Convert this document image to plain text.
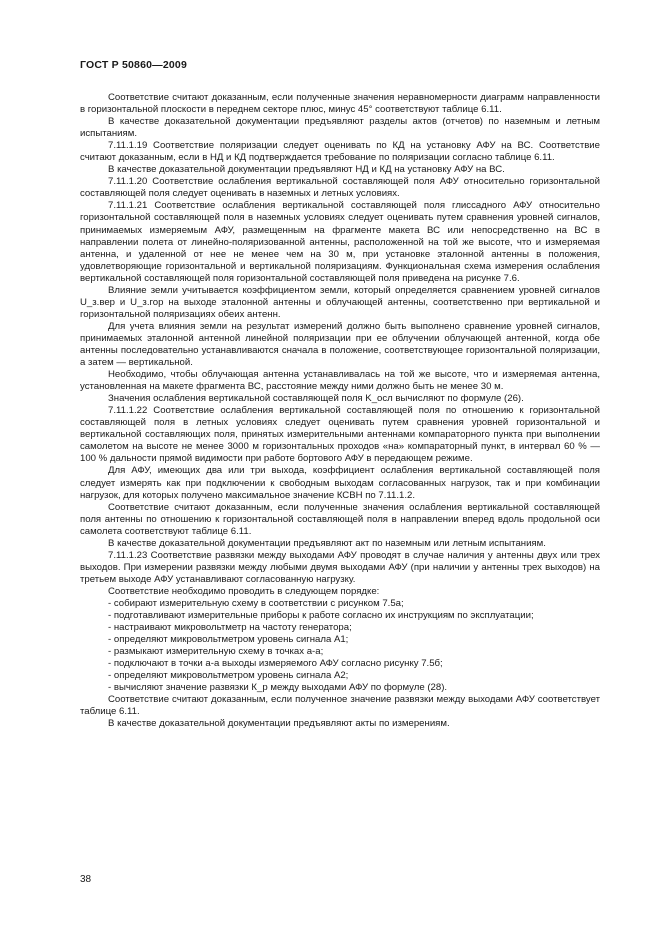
ГОСТ Р 50860—2009

Соответствие считают доказанным, если полученные значения неравномерности диаграмм направленности в горизонтальной плоскости в переднем секторе плюс, минус 45° соответствуют таблице 6.11.

В качестве доказательной документации предъявляют разделы актов (отчетов) по наземным и летным испытаниям.

7.11.1.19 Соответствие поляризации следует оценивать по КД на установку АФУ на ВС. Соответствие считают доказанным, если в НД и КД подтверждается требование по поляризации согласно таблице 6.11.

В качестве доказательной документации предъявляют НД и КД на установку АФУ на ВС.

7.11.1.20 Соответствие ослабления вертикальной составляющей поля АФУ относительно горизонтальной составляющей поля следует оценивать в наземных и летных условиях.

7.11.1.21 Соответствие ослабления вертикальной составляющей поля глиссадного АФУ относительно горизонтальной составляющей поля в наземных условиях следует оценивать путем сравнения уровней сигналов, принимаемых измеряемым АФУ, размещенным на фрагменте макета ВС или непосредственно на ВС в направлении полета от линейно-поляризованной антенны, расположенной на той же высоте, что и измеряемая антенна, и удаленной от нее не менее чем на 30 м, при установке эталонной антенны в положения, удовлетворяющие горизонтальной и вертикальной поляризациям. Функциональная схема измерения ослабления вертикальной составляющей поля горизонтальной составляющей поля приведена на рисунке 7.6.

Влияние земли учитывается коэффициентом земли, который определяется сравнением уровней сигналов U_з.вер и U_з.гор на выходе эталонной антенны и облучающей антенны, соответственно при вертикальной и горизонтальной поляризациях обеих антенн.

Для учета влияния земли на результат измерений должно быть выполнено сравнение уровней сигналов, принимаемых эталонной антенной линейной поляризации при ее облучении облучающей антенной, когда обе антенны последовательно устанавливаются сначала в положение, соответствующее горизонтальной поляризации, а затем — вертикальной.

Необходимо, чтобы облучающая антенна устанавливалась на той же высоте, что и измеряемая антенна, установленная на макете фрагмента ВС, расстояние между ними должно быть не менее 30 м.

Значения ослабления вертикальной составляющей поля K_осл вычисляют по формуле (26).

7.11.1.22 Соответствие ослабления вертикальной составляющей поля по отношению к горизонтальной составляющей поля в летных условиях следует оценивать путем сравнения уровней горизонтальной и вертикальной составляющих поля, принятых измерительными антеннами компараторного пункта при выполнении самолетом на высоте не менее 3000 м горизонтальных проходов «на» компараторный пункт, в интервал 60 % — 100 % дальности прямой видимости при работе бортового АФУ в передающем режиме.

Для АФУ, имеющих два или три выхода, коэффициент ослабления вертикальной составляющей поля следует измерять как при подключении к свободным выходам согласованных нагрузок, так и при комбинации нагрузок, для которых получено максимальное значение КСВН по 7.11.1.2.

Соответствие считают доказанным, если полученные значения ослабления вертикальной составляющей поля антенны по отношению к горизонтальной составляющей поля в направлении вперед вдоль продольной оси самолета соответствуют таблице 6.11.

В качестве доказательной документации предъявляют акт по наземным или летным испытаниям.

7.11.1.23 Соответствие развязки между выходами АФУ проводят в случае наличия у антенны двух или трех выходов. При измерении развязки между любыми двумя выходами АФУ (при наличии у антенны трех выходов) на третьем выходе АФУ устанавливают согласованную нагрузку.

Соответствие необходимо проводить в следующем порядке:

- собирают измерительную схему в соответствии с рисунком 7.5а;

- подготавливают измерительные приборы к работе согласно их инструкциям по эксплуатации;

- настраивают микровольтметр на частоту генератора;

- определяют микровольтметром уровень сигнала А1;

- размыкают измерительную схему в точках а-а;

- подключают в точки а-а выходы измеряемого АФУ согласно рисунку 7.5б;

- определяют микровольтметром уровень сигнала А2;

- вычисляют значение развязки К_р между выходами АФУ по формуле (28).

Соответствие считают доказанным, если полученное значение развязки между выходами АФУ соответствует таблице 6.11.

В качестве доказательной документации предъявляют акты по измерениям.

38
